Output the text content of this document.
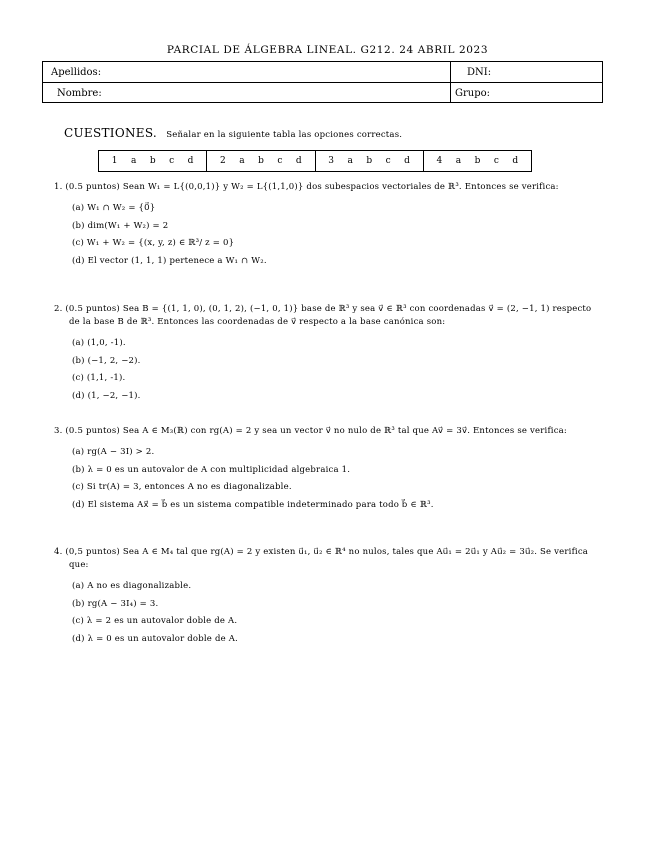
PARCIAL DE ÁLGEBRA LINEAL. G212. 24 ABRIL 2023
Apellidos:	DNI:
Nombre:	Grupo:
CUESTIONES. Señalar en la siguiente tabla las opciones correctas.
1 a b c d	2 a b c d	3 a b c d	4 a b c d
1. (0.5 puntos) Sean W₁ = L{(0,0,1)} y W₂ = L{(1,1,0)} dos subespacios vectoriales de ℝ³. Entonces se verifica:
(a) W₁ ∩ W₂ = {0⃗}
(b) dim(W₁ + W₂) = 2
(c) W₁ + W₂ = {(x, y, z) ∈ ℝ³/ z = 0}
(d) El vector (1, 1, 1) pertenece a W₁ ∩ W₂.
2. (0.5 puntos) Sea B = {(1, 1, 0), (0, 1, 2), (−1, 0, 1)} base de ℝ³ y sea v⃗ ∈ ℝ³ con coordenadas v⃗ = (2, −1, 1) respecto de la base B de ℝ³. Entonces las coordenadas de v⃗ respecto a la base canónica son:
(a) (1,0, -1).
(b) (−1, 2, −2).
(c) (1,1, -1).
(d) (1, −2, −1).
3. (0.5 puntos) Sea A ∈ M₃(ℝ) con rg(A) = 2 y sea un vector v⃗ no nulo de ℝ³ tal que Av⃗ = 3v⃗. Entonces se verifica:
(a) rg(A − 3I) > 2.
(b) λ = 0 es un autovalor de A con multiplicidad algebraica 1.
(c) Si tr(A) = 3, entonces A no es diagonalizable.
(d) El sistema Ax⃗ = b⃗ es un sistema compatible indeterminado para todo b⃗ ∈ ℝ³.
4. (0,5 puntos) Sea A ∈ M₄ tal que rg(A) = 2 y existen u⃗₁, u⃗₂ ∈ ℝ⁴ no nulos, tales que Au⃗₁ = 2u⃗₁ y Au⃗₂ = 3u⃗₂. Se verifica que:
(a) A no es diagonalizable.
(b) rg(A − 3I₄) = 3.
(c) λ = 2 es un autovalor doble de A.
(d) λ = 0 es un autovalor doble de A.
